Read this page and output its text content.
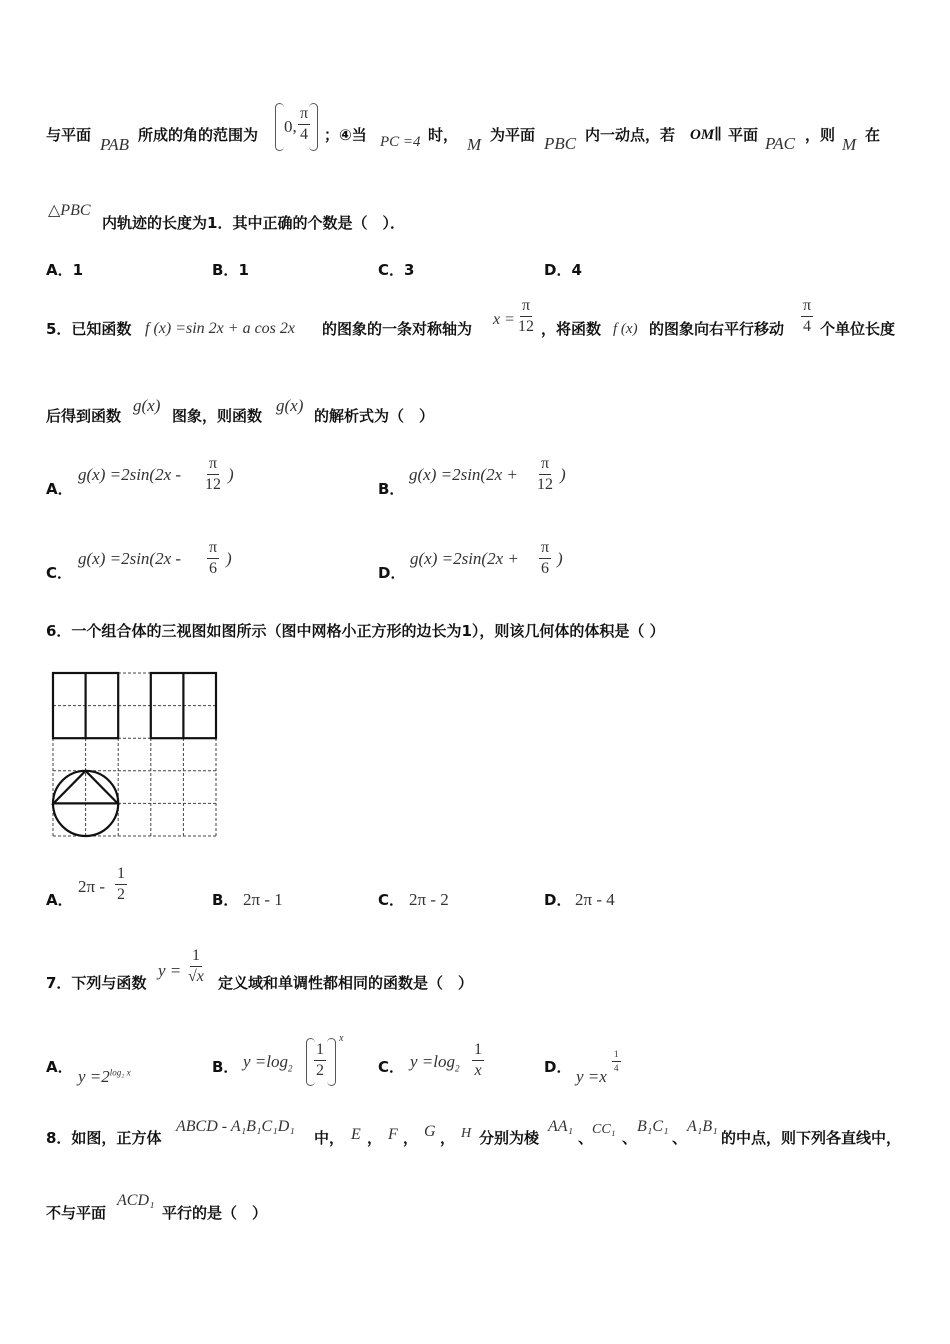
与平面 PAB 所成的角的范围为 0, $\frac{\pi}{4}$ ；④当 PC =4 时， M 为平面 PBC 内一动点，若 OM∥ 平面 PAC ，则 M 在
△PBC
内轨迹的长度为1．其中正确的个数是（　）．
A．1	B．1	C．3	D．4
5．已知函数 f (x) =sin 2x + a cos 2x 的图象的一条对称轴为
$x = \frac{\pi}{12}$ ，将函数 f (x) 的图象向右平行移动 $\frac{\pi}{4}$ 个单位长度
后得到函数
g(x)
图象，则函数
g(x)
的解析式为（　）
A．
$g(x) =2\sin(2x - \frac{\pi}{12}$ )
B．
$g(x) =2\sin(2x + \frac{\pi}{12}$ )
C．
$g(x) =2\sin(2x - \frac{\pi}{6}$ )
D．
$g(x) =2\sin(2x + \frac{\pi}{6}$ )
6．一个组合体的三视图如图所示（图中网格小正方形的边长为1），则该几何体的体积是（ ）
A．
$2\pi - \frac{1}{2}$	B． 2π - 1	C． 2π - 2	D． 2π - 4
7．下列与函数
$y = \frac{1}{√x}$ 定义域和单调性都相同的函数是（　）
A． $y =2^{log_2 x}$	B． $y =\log_2 \frac{1}{2}$
x
C． $y =\log_2 \frac{1}{x}$	D． y =x
$\frac{1}{4}$
8．如图，正方体
ABCD - A₁B₁C₁D₁
中， E ， F ， G ， H 分别为棱
AA₁
、
CC₁ 、
B₁C₁
、
A₁B₁
的中点，则下列各直线中，
不与平面
ACD₁
平行的是（　）
